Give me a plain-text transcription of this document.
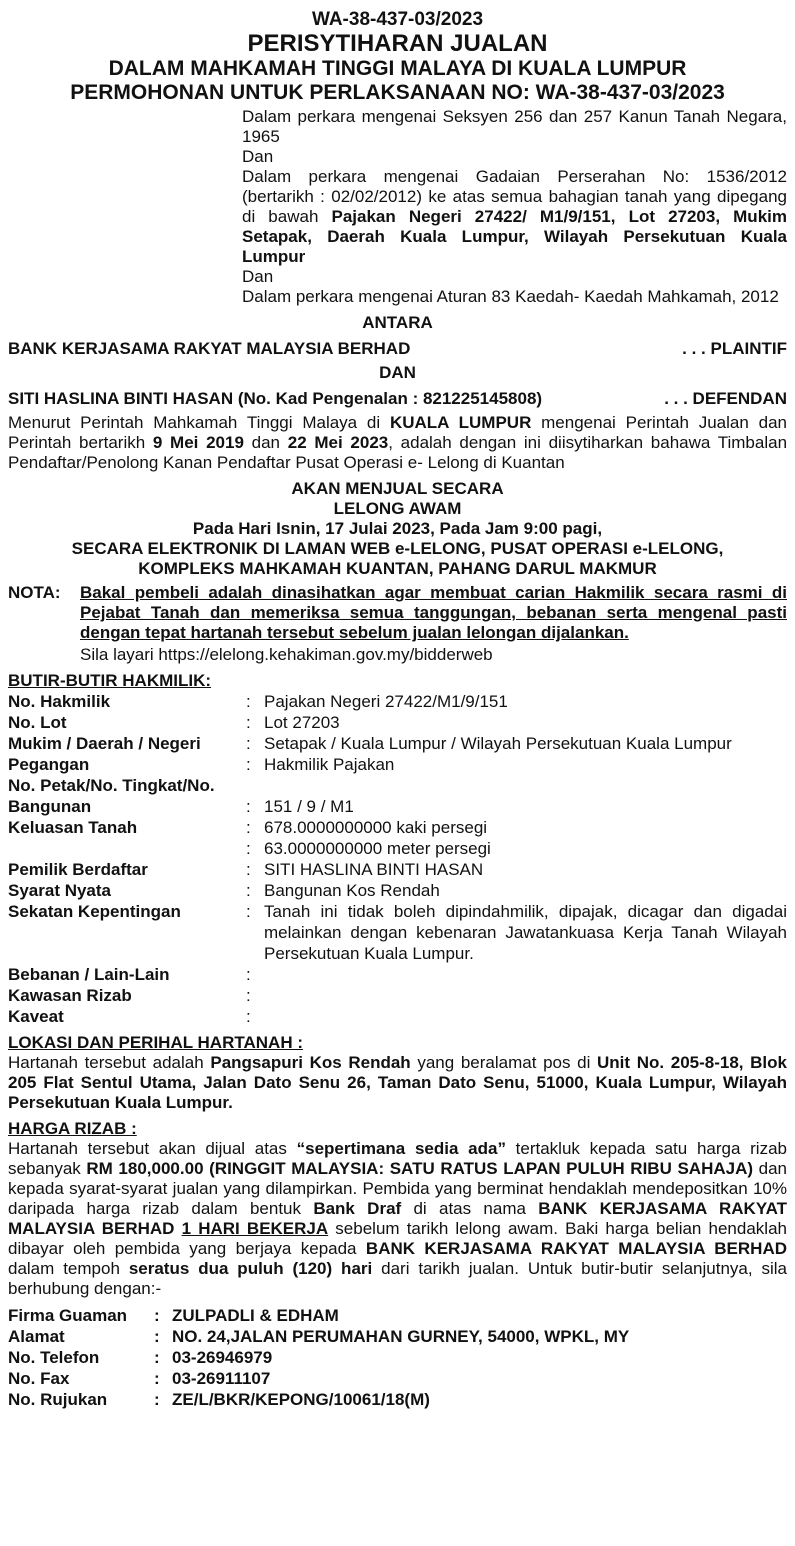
WA-38-437-03/2023
PERISYTIHARAN JUALAN
DALAM MAHKAMAH TINGGI MALAYA DI KUALA LUMPUR
PERMOHONAN UNTUK PERLAKSANAAN NO: WA-38-437-03/2023

Dalam perkara mengenai Seksyen 256 dan 257 Kanun Tanah Negara, 1965

Dan

Dalam perkara mengenai Gadaian Perserahan No: 1536/2012 (bertarikh : 02/02/2012) ke atas semua bahagian tanah yang dipegang di bawah Pajakan Negeri 27422/ M1/9/151, Lot 27203, Mukim Setapak, Daerah Kuala Lumpur, Wilayah Persekutuan Kuala Lumpur

Dan

Dalam perkara mengenai Aturan 83 Kaedah- Kaedah Mahkamah, 2012

ANTARA
BANK KERJASAMA RAKYAT MALAYSIA BERHAD	. . . PLAINTIF
DAN
SITI HASLINA BINTI HASAN (No. Kad Pengenalan : 821225145808)	. . . DEFENDAN
Menurut Perintah Mahkamah Tinggi Malaya di KUALA LUMPUR mengenai Perintah Jualan dan Perintah bertarikh 9 Mei 2019 dan 22 Mei 2023, adalah dengan ini diisytiharkan bahawa Timbalan Pendaftar/Penolong Kanan Pendaftar Pusat Operasi e- Lelong di Kuantan
AKAN MENJUAL SECARA
LELONG AWAM
Pada Hari Isnin, 17 Julai 2023, Pada Jam 9:00 pagi,
SECARA ELEKTRONIK DI LAMAN WEB e-LELONG, PUSAT OPERASI e-LELONG,
KOMPLEKS MAHKAMAH KUANTAN, PAHANG DARUL MAKMUR
NOTA:	Bakal pembeli adalah dinasihatkan agar membuat carian Hakmilik secara rasmi di Pejabat Tanah dan memeriksa semua tanggungan, bebanan serta mengenal pasti dengan tepat hartanah tersebut sebelum jualan lelongan dijalankan.
Sila layari https://elelong.kehakiman.gov.my/bidderweb
BUTIR-BUTIR HAKMILIK:
No. Hakmilik	:	Pajakan Negeri 27422/M1/9/151
No. Lot	:	Lot 27203
Mukim / Daerah / Negeri	:	Setapak / Kuala Lumpur / Wilayah Persekutuan Kuala Lumpur
Pegangan	:	Hakmilik Pajakan
No. Petak/No. Tingkat/No.		
Bangunan	:	151 / 9 / M1
Keluasan Tanah	:	678.0000000000 kaki persegi
	:	63.0000000000 meter persegi
Pemilik Berdaftar	:	SITI HASLINA BINTI HASAN
Syarat Nyata	:	Bangunan Kos Rendah
Sekatan Kepentingan	:	Tanah ini tidak boleh dipindahmilik, dipajak, dicagar dan digadai melainkan dengan kebenaran Jawatankuasa Kerja Tanah Wilayah Persekutuan Kuala Lumpur.
Bebanan / Lain-Lain	:	
Kawasan Rizab	:	
Kaveat	:	
LOKASI DAN PERIHAL HARTANAH :
Hartanah tersebut adalah Pangsapuri Kos Rendah yang beralamat pos di Unit No. 205-8-18, Blok 205 Flat Sentul Utama, Jalan Dato Senu 26, Taman Dato Senu, 51000, Kuala Lumpur, Wilayah Persekutuan Kuala Lumpur.
HARGA RIZAB :
Hartanah tersebut akan dijual atas “sepertimana sedia ada” tertakluk kepada satu harga rizab sebanyak RM 180,000.00 (RINGGIT MALAYSIA: SATU RATUS LAPAN PULUH RIBU SAHAJA) dan kepada syarat-syarat jualan yang dilampirkan. Pembida yang berminat hendaklah mendepositkan 10% daripada harga rizab dalam bentuk Bank Draf di atas nama BANK KERJASAMA RAKYAT MALAYSIA BERHAD 1 HARI BEKERJA sebelum tarikh lelong awam. Baki harga belian hendaklah dibayar oleh pembida yang berjaya kepada BANK KERJASAMA RAKYAT MALAYSIA BERHAD dalam tempoh seratus dua puluh (120) hari dari tarikh jualan. Untuk butir-butir selanjutnya, sila berhubung dengan:-
Firma Guaman	:	ZULPADLI & EDHAM
Alamat	:	NO. 24,JALAN PERUMAHAN GURNEY, 54000, WPKL, MY
No. Telefon	:	03-26946979
No. Fax	:	03-26911107
No. Rujukan	:	ZE/L/BKR/KEPONG/10061/18(M)
